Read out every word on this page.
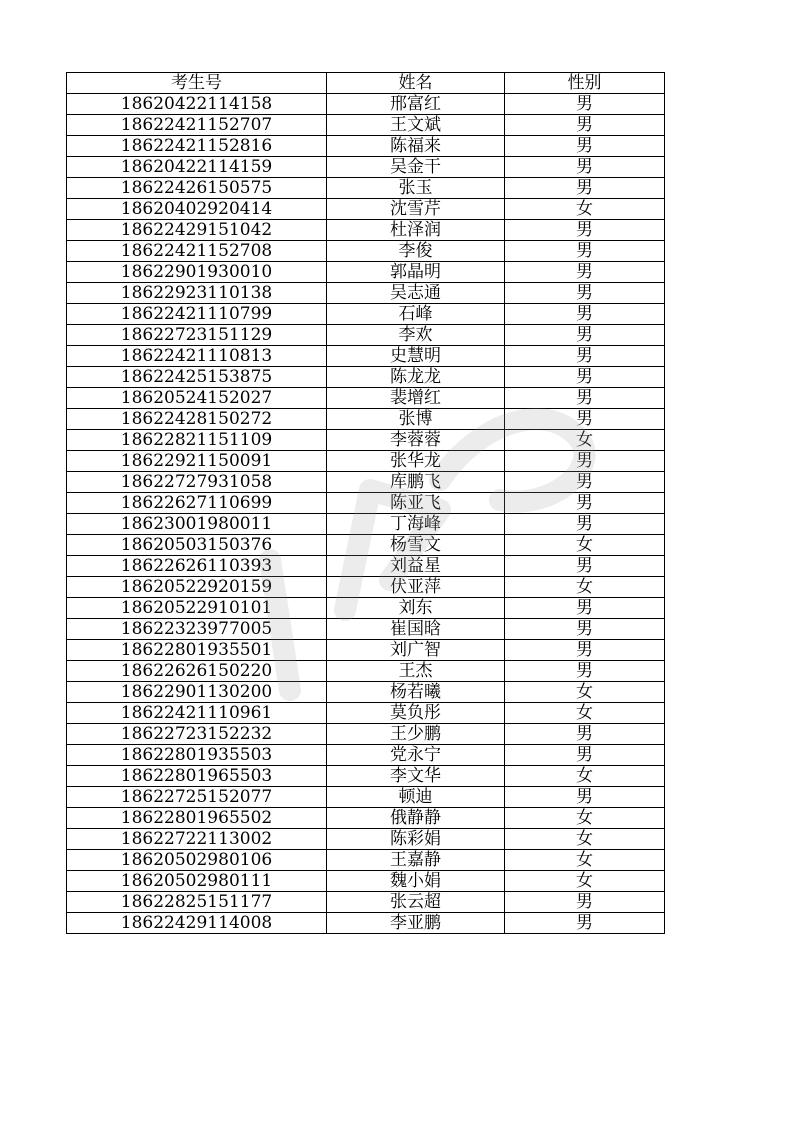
考生号	姓名	性别
18620422114158	邢富红	男
18622421152707	王文斌	男
18622421152816	陈福来	男
18620422114159	吴金干	男
18622426150575	张玉	男
18620402920414	沈雪芹	女
18622429151042	杜泽润	男
18622421152708	李俊	男
18622901930010	郭晶明	男
18622923110138	吴志通	男
18622421110799	石峰	男
18622723151129	李欢	男
18622421110813	史慧明	男
18622425153875	陈龙龙	男
18620524152027	裴增红	男
18622428150272	张博	男
18622821151109	李蓉蓉	女
18622921150091	张华龙	男
18622727931058	库鹏飞	男
18622627110699	陈亚飞	男
18623001980011	丁海峰	男
18620503150376	杨雪文	女
18622626110393	刘益星	男
18620522920159	伏亚萍	女
18620522910101	刘东	男
18622323977005	崔国晗	男
18622801935501	刘广智	男
18622626150220	王杰	男
18622901130200	杨若曦	女
18622421110961	莫负彤	女
18622723152232	王少鹏	男
18622801935503	党永宁	男
18622801965503	李文华	女
18622725152077	顿迪	男
18622801965502	俄静静	女
18622722113002	陈彩娟	女
18620502980106	王嘉静	女
18620502980111	魏小娟	女
18622825151177	张云超	男
18622429114008	李亚鹏	男
